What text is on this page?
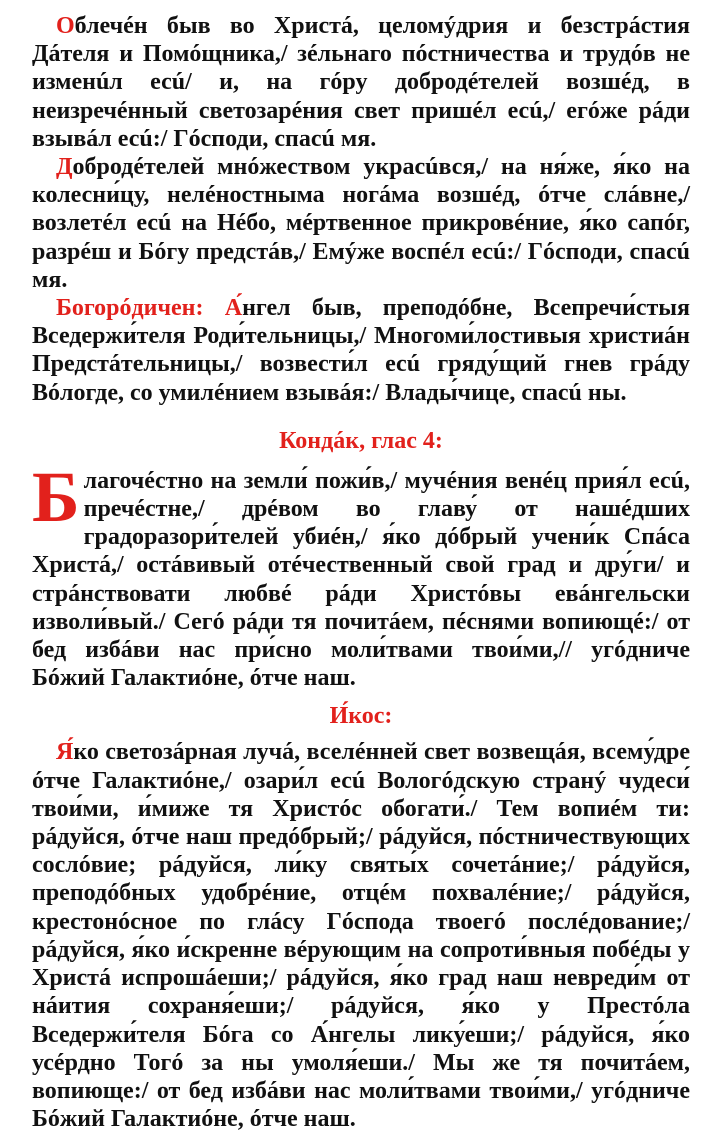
Облечéн быв во Христá, целомýдрия и безстрáстия Дáтеля и Помóщника,/ зéльнаго пóстничества и трудóв не изменúл есú/ и, на гóру добродéтелей возшéд, в неизречéнный светозарéния свет пришéл есú,/ егóже рáди взывáл есú:/ Гóсподи, спасú мя.

Добродéтелей мнóжеством украсúвся,/ на ня́же, я́ко на колесни́цу, нелéностныма ногáма возшéд, óтче слáвне,/ возлетéл есú на Нéбо, мéртвенное прикровéние, я́ко сапóг, разрéш и Бóгу предстáв,/ Емýже воспéл есú:/ Гóсподи, спасú мя.

Богорóдичен: А́нгел быв, преподóбне, Всепречи́стыя Вседержи́теля Роди́тельницы,/ Многоми́лостивыя христиáн Предстáтельницы,/ возвести́л есú гряду́щий гнев грáду Вóлогде, со умилéнием взывáя:/ Влады́чице, спасú ны.

Кондáк, глас 4:

Благочéстно на земли́ пожи́в,/ мучéния венéц прия́л есú, пречéстне,/ дрéвом во главу́ от нашéдших градоразори́телей убиéн,/ я́ко дóбрый учени́к Спáса Христá,/ остáвивый отéчественный свой град и дру́ги/ и стрáнствовати любвé рáди Христóвы евáнгельски изволи́вый./ Сегó рáди тя почитáем, пéснями вопиющé:/ от бед избáви нас при́сно моли́твами твои́ми,// угóдниче Бóжий Галактиóне, óтче наш.

И́кос:

Я́ко светозáрная лучá, вселéнней свет возвещáя, всему́дре óтче Галактиóне,/ озари́л есú Вологóдскую странý чудеси́ твои́ми, и́миже тя Христóс обогати́./ Тем вопиéм ти: рáдуйся, óтче наш предóбрый;/ рáдуйся, пóстничествующих сослóвие; рáдуйся, ли́ку святы́х сочетáние;/ рáдуйся, преподóбных удобрéние, отцéм похвалéние;/ рáдуйся, крестонóсное по глáсу Гóспода твоегó послéдование;/ рáдуйся, я́ко и́скренне вéрующим на сопроти́вныя побéды у Христá испрошáеши;/ рáдуйся, я́ко град наш невреди́м от нáития сохраня́еши;/ рáдуйся, я́ко у Престóла Вседержи́теля Бóга со А́нгелы лику́еши;/ рáдуйся, я́ко усéрдно Тогó за ны умоля́еши./ Мы же тя почитáем, вопиюще:/ от бед избáви нас моли́твами твои́ми,/ угóдниче Бóжий Галактиóне, óтче наш.
